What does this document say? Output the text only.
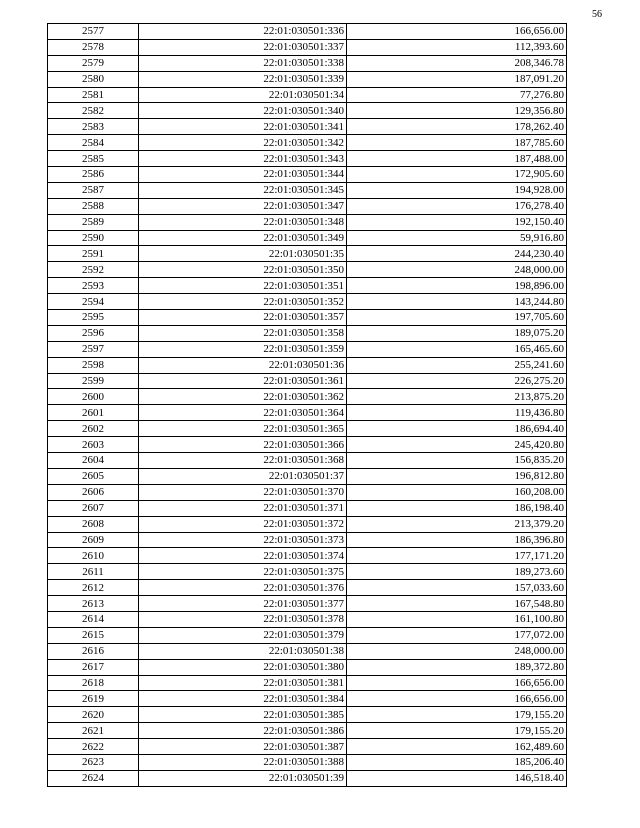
56
2577	22:01:030501:336	166,656.00
2578	22:01:030501:337	112,393.60
2579	22:01:030501:338	208,346.78
2580	22:01:030501:339	187,091.20
2581	22:01:030501:34	77,276.80
2582	22:01:030501:340	129,356.80
2583	22:01:030501:341	178,262.40
2584	22:01:030501:342	187,785.60
2585	22:01:030501:343	187,488.00
2586	22:01:030501:344	172,905.60
2587	22:01:030501:345	194,928.00
2588	22:01:030501:347	176,278.40
2589	22:01:030501:348	192,150.40
2590	22:01:030501:349	59,916.80
2591	22:01:030501:35	244,230.40
2592	22:01:030501:350	248,000.00
2593	22:01:030501:351	198,896.00
2594	22:01:030501:352	143,244.80
2595	22:01:030501:357	197,705.60
2596	22:01:030501:358	189,075.20
2597	22:01:030501:359	165,465.60
2598	22:01:030501:36	255,241.60
2599	22:01:030501:361	226,275.20
2600	22:01:030501:362	213,875.20
2601	22:01:030501:364	119,436.80
2602	22:01:030501:365	186,694.40
2603	22:01:030501:366	245,420.80
2604	22:01:030501:368	156,835.20
2605	22:01:030501:37	196,812.80
2606	22:01:030501:370	160,208.00
2607	22:01:030501:371	186,198.40
2608	22:01:030501:372	213,379.20
2609	22:01:030501:373	186,396.80
2610	22:01:030501:374	177,171.20
2611	22:01:030501:375	189,273.60
2612	22:01:030501:376	157,033.60
2613	22:01:030501:377	167,548.80
2614	22:01:030501:378	161,100.80
2615	22:01:030501:379	177,072.00
2616	22:01:030501:38	248,000.00
2617	22:01:030501:380	189,372.80
2618	22:01:030501:381	166,656.00
2619	22:01:030501:384	166,656.00
2620	22:01:030501:385	179,155.20
2621	22:01:030501:386	179,155.20
2622	22:01:030501:387	162,489.60
2623	22:01:030501:388	185,206.40
2624	22:01:030501:39	146,518.40
